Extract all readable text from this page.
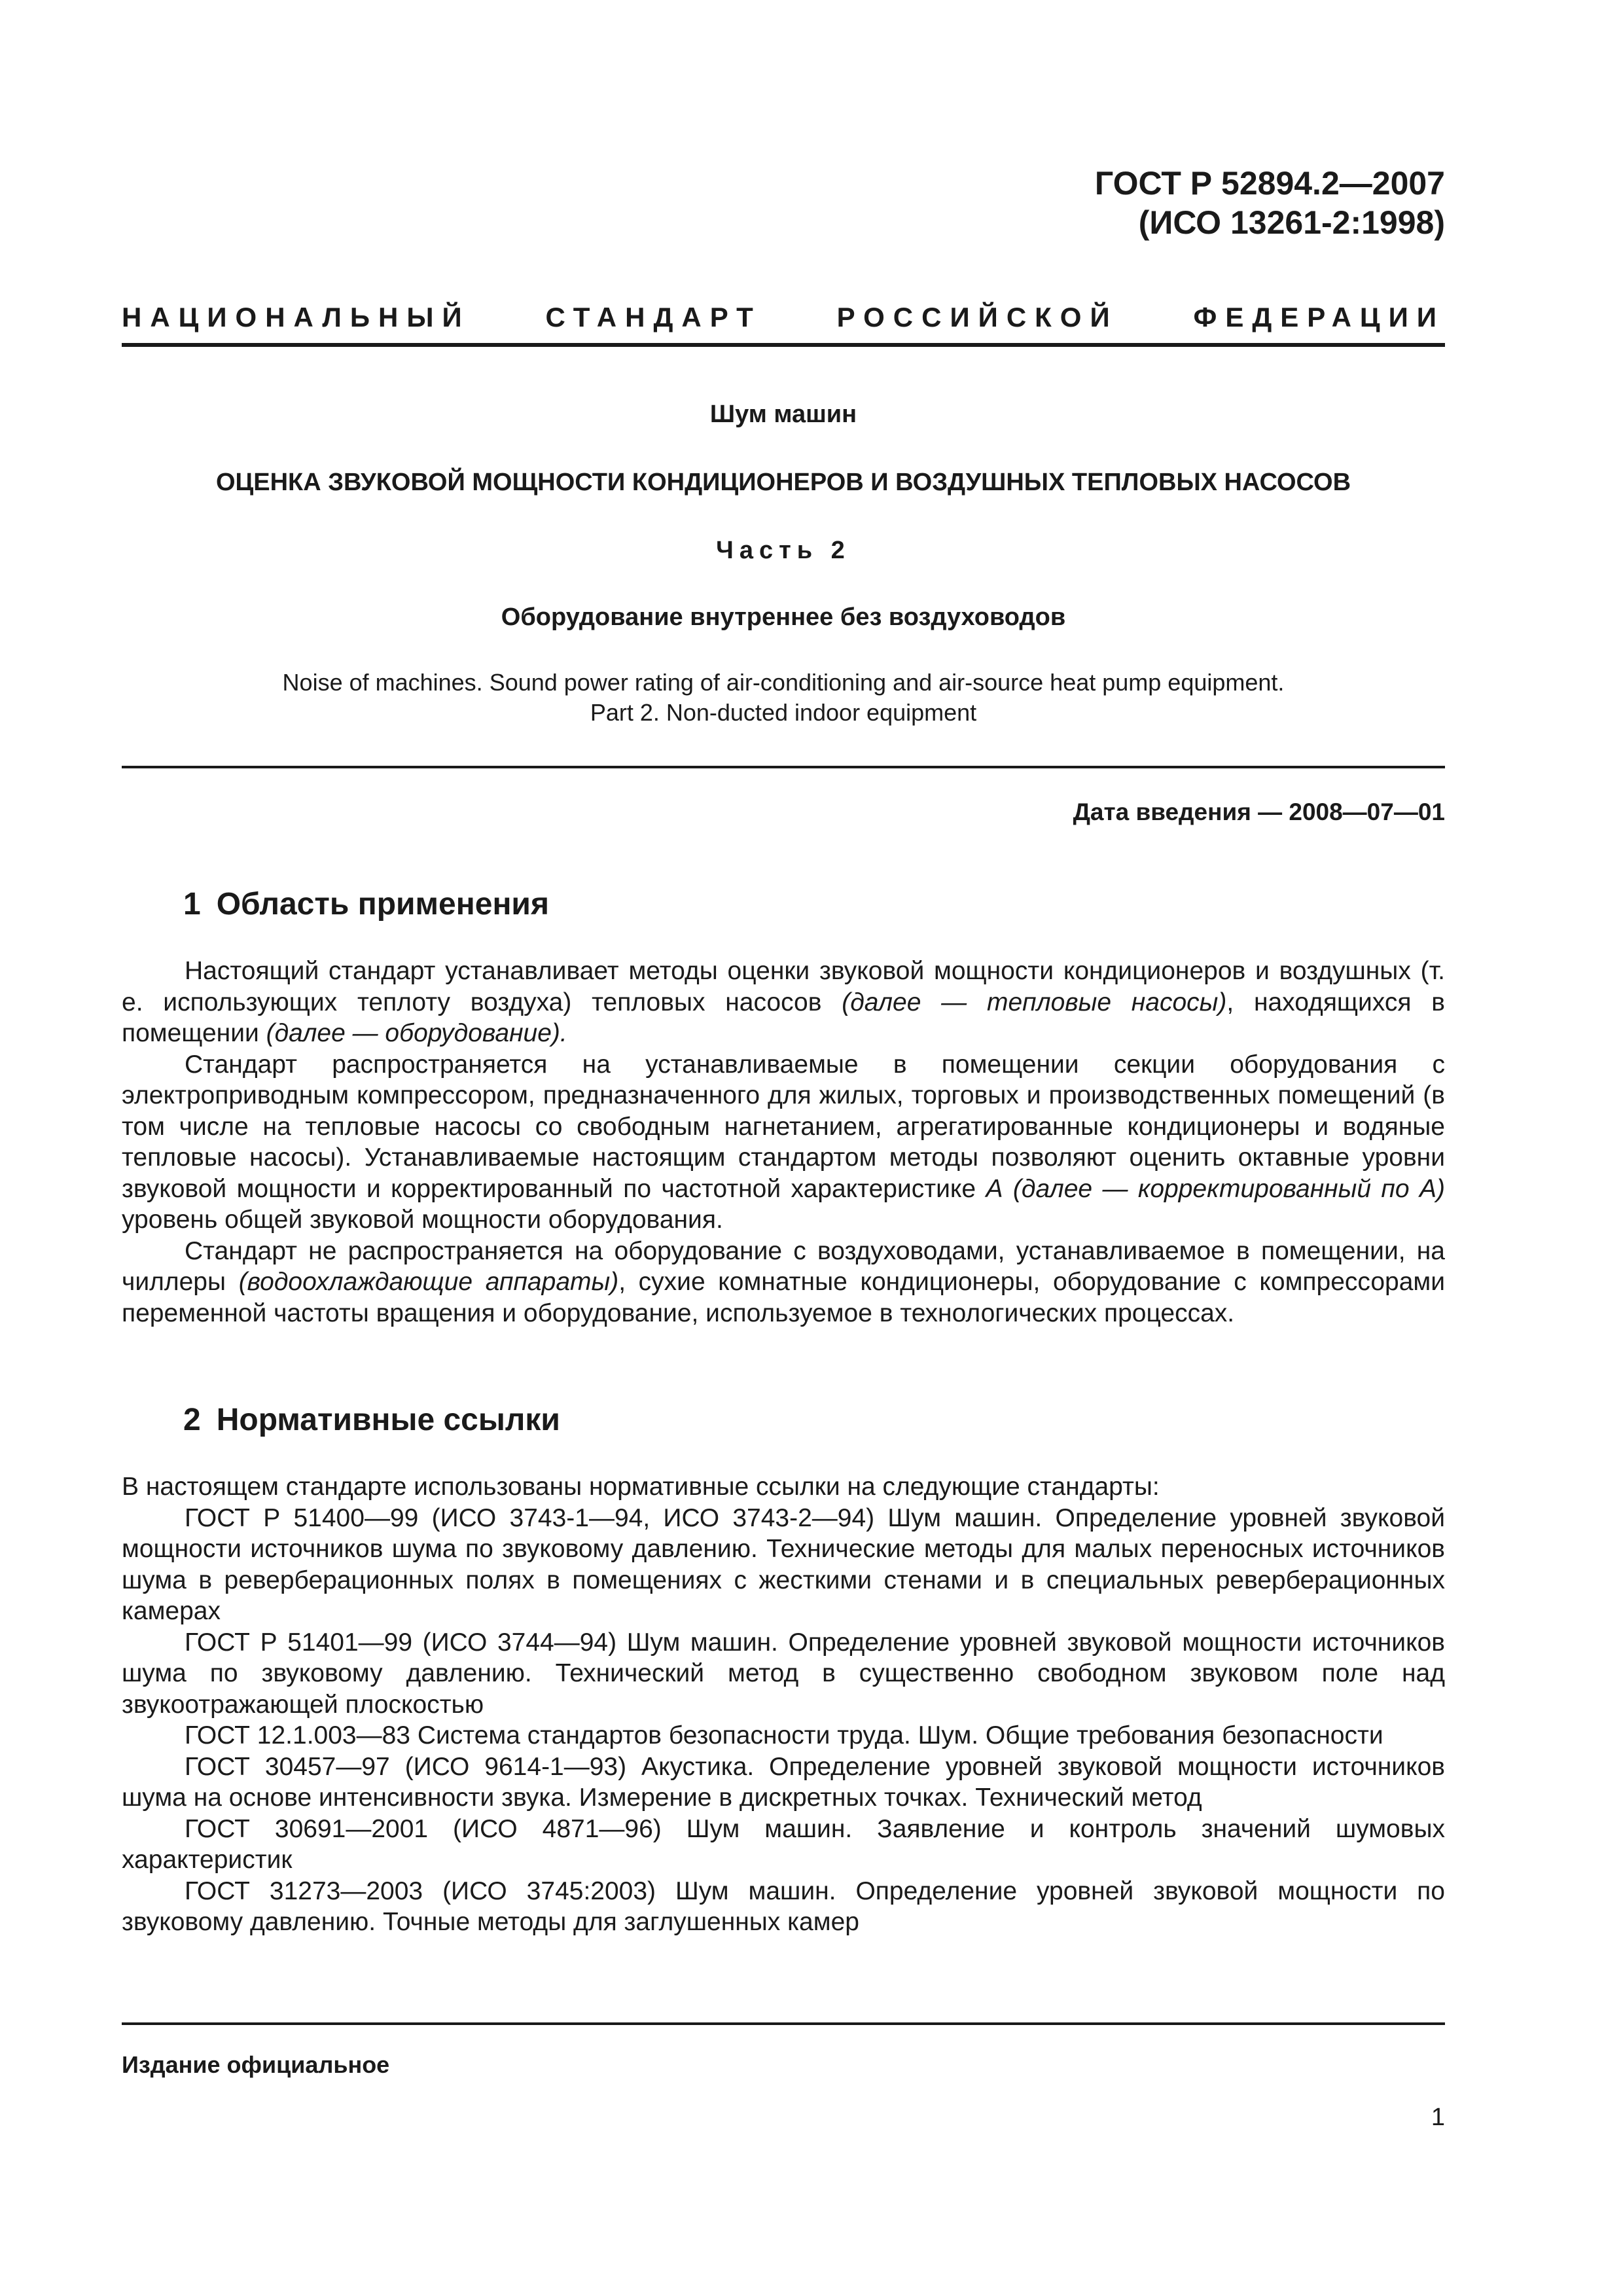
ГОСТ Р 52894.2—2007
(ИСО 13261-2:1998)
НАЦИОНАЛЬНЫЙ	СТАНДАРТ	РОССИЙСКОЙ	ФЕДЕРАЦИИ
Шум машин
ОЦЕНКА ЗВУКОВОЙ МОЩНОСТИ КОНДИЦИОНЕРОВ И ВОЗДУШНЫХ ТЕПЛОВЫХ НАСОСОВ
Часть 2
Оборудование внутреннее без воздуховодов
Noise of machines. Sound power rating of air-conditioning and air-source heat pump equipment.
Part 2. Non-ducted indoor equipment
Дата введения — 2008—07—01
1 Область применения

Настоящий стандарт устанавливает методы оценки звуковой мощности кондиционеров и воздушных (т. е. использующих теплоту воздуха) тепловых насосов (далее — тепловые насосы), находящихся в помещении (далее — оборудование).

Стандарт распространяется на устанавливаемые в помещении секции оборудования с электроприводным компрессором, предназначенного для жилых, торговых и производственных помещений (в том числе на тепловые насосы со свободным нагнетанием, агрегатированные кондиционеры и водяные тепловые насосы). Устанавливаемые настоящим стандартом методы позволяют оценить октавные уровни звуковой мощности и корректированный по частотной характеристике А (далее — корректированный по А) уровень общей звуковой мощности оборудования.

Стандарт не распространяется на оборудование с воздуховодами, устанавливаемое в помещении, на чиллеры (водоохлаждающие аппараты), сухие комнатные кондиционеры, оборудование с компрессорами переменной частоты вращения и оборудование, используемое в технологических процессах.

2 Нормативные ссылки

В настоящем стандарте использованы нормативные ссылки на следующие стандарты:

ГОСТ Р 51400—99 (ИСО 3743-1—94, ИСО 3743-2—94) Шум машин. Определение уровней звуковой мощности источников шума по звуковому давлению. Технические методы для малых переносных источников шума в реверберационных полях в помещениях с жесткими стенами и в специальных реверберационных камерах

ГОСТ Р 51401—99 (ИСО 3744—94) Шум машин. Определение уровней звуковой мощности источников шума по звуковому давлению. Технический метод в существенно свободном звуковом поле над звукоотражающей плоскостью

ГОСТ 12.1.003—83 Система стандартов безопасности труда. Шум. Общие требования безопасности

ГОСТ 30457—97 (ИСО 9614-1—93) Акустика. Определение уровней звуковой мощности источников шума на основе интенсивности звука. Измерение в дискретных точках. Технический метод

ГОСТ 30691—2001 (ИСО 4871—96) Шум машин. Заявление и контроль значений шумовых характеристик

ГОСТ 31273—2003 (ИСО 3745:2003) Шум машин. Определение уровней звуковой мощности по звуковому давлению. Точные методы для заглушенных камер

Издание официальное
1
